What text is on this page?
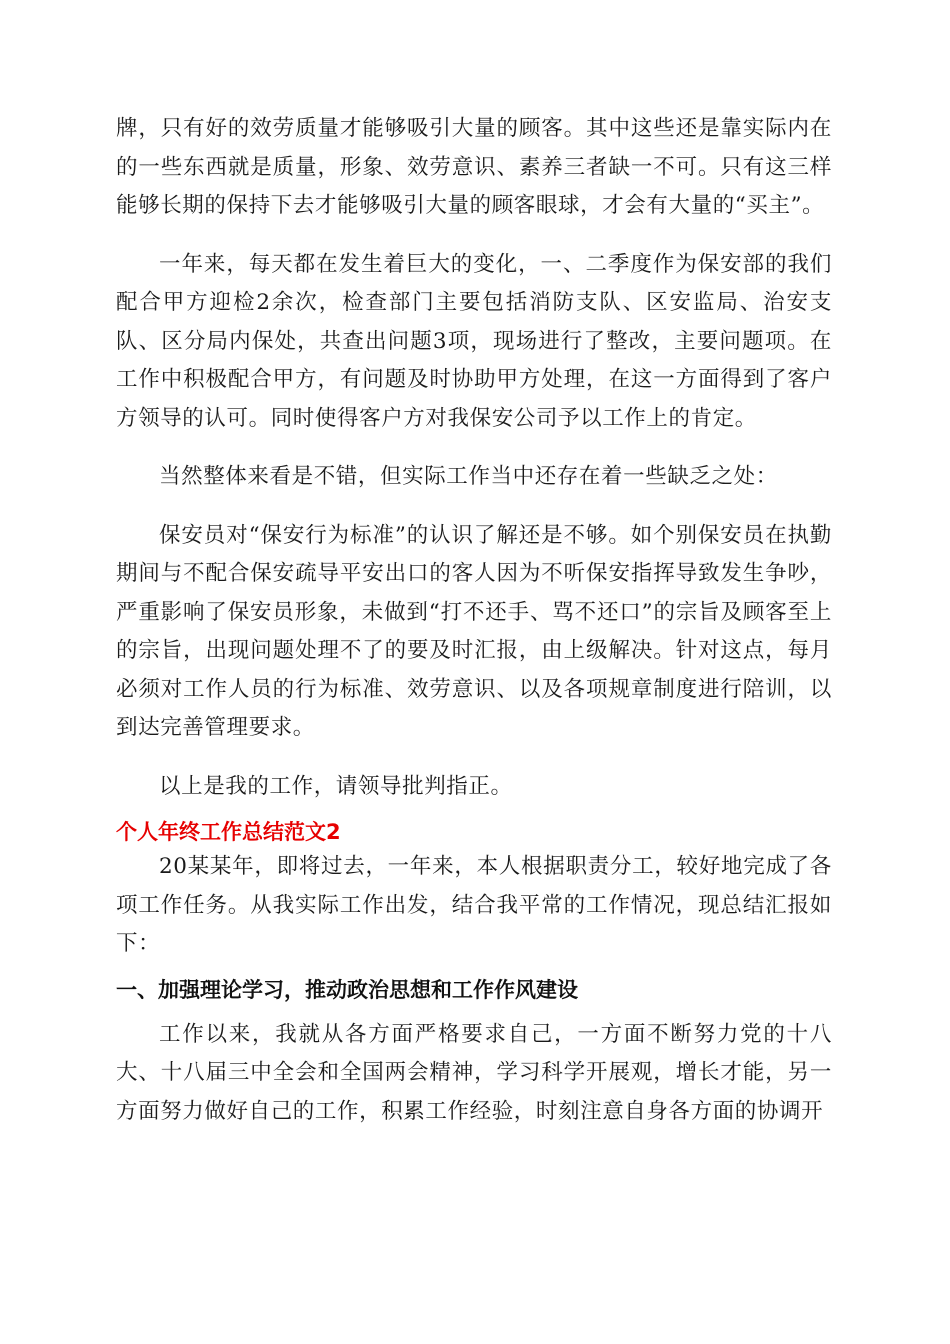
牌，只有好的效劳质量才能够吸引大量的顾客。其中这些还是靠实际内在的一些东西就是质量，形象、效劳意识、素养三者缺一不可。只有这三样能够长期的保持下去才能够吸引大量的顾客眼球，才会有大量的“买主”。

一年来，每天都在发生着巨大的变化，一、二季度作为保安部的我们配合甲方迎检2余次，检查部门主要包括消防支队、区安监局、治安支队、区分局内保处，共查出问题3项，现场进行了整改，主要问题项。在工作中积极配合甲方，有问题及时协助甲方处理，在这一方面得到了客户方领导的认可。同时使得客户方对我保安公司予以工作上的肯定。

当然整体来看是不错，但实际工作当中还存在着一些缺乏之处：

保安员对“保安行为标准”的认识了解还是不够。如个别保安员在执勤期间与不配合保安疏导平安出口的客人因为不听保安指挥导致发生争吵，严重影响了保安员形象，未做到“打不还手、骂不还口”的宗旨及顾客至上的宗旨，出现问题处理不了的要及时汇报，由上级解决。针对这点，每月必须对工作人员的行为标准、效劳意识、以及各项规章制度进行陪训，以到达完善管理要求。

以上是我的工作，请领导批判指正。

个人年终工作总结范文2

20某某年，即将过去，一年来，本人根据职责分工，较好地完成了各项工作任务。从我实际工作出发，结合我平常的工作情况，现总结汇报如下：

一、加强理论学习，推动政治思想和工作作风建设

工作以来，我就从各方面严格要求自己，一方面不断努力党的十八大、十八届三中全会和全国两会精神，学习科学开展观，增长才能，另一方面努力做好自己的工作，积累工作经验，时刻注意自身各方面的协调开
